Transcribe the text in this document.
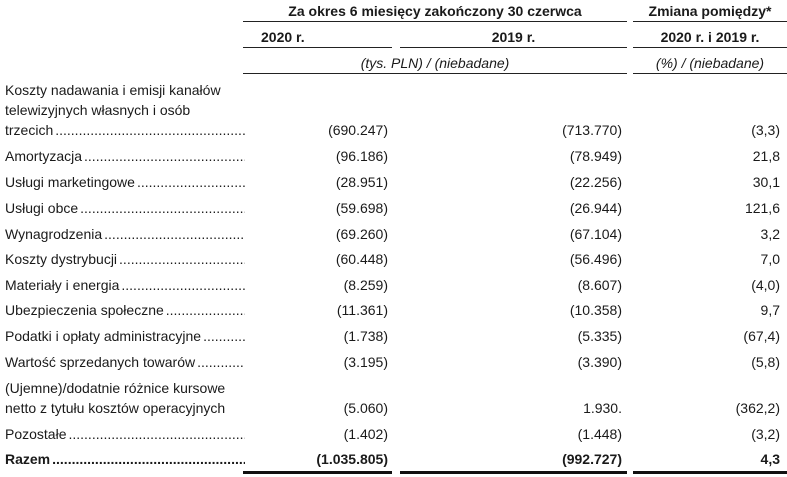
Za okres 6 miesięcy zakończony 30 czerwca	Zmiana pomiędzy*
2020 r.	2019 r.	2020 r. i 2019 r.
(tys. PLN) / (niebadane)	(%) / (niebadane)
Koszty nadawania i emisji kanałów
telewizyjnych własnych i osób
trzecich .....	(690.247)	(713.770)	(3,3)
Amortyzacja .....	(96.186)	(78.949)	21,8
Usługi marketingowe .....	(28.951)	(22.256)	30,1
Usługi obce .....	(59.698)	(26.944)	121,6
Wynagrodzenia .....	(69.260)	(67.104)	3,2
Koszty dystrybucji .....	(60.448)	(56.496)	7,0
Materiały i energia .....	(8.259)	(8.607)	(4,0)
Ubezpieczenia społeczne .....	(11.361)	(10.358)	9,7
Podatki i opłaty administracyjne .....	(1.738)	(5.335)	(67,4)
Wartość sprzedanych towarów .....	(3.195)	(3.390)	(5,8)
(Ujemne)/dodatnie różnice kursowe
netto z tytułu kosztów operacyjnych	(5.060)	1.930.	(362,2)
Pozostałe .....	(1.402)	(1.448)	(3,2)
Razem .....	(1.035.805)	(992.727)	4,3
